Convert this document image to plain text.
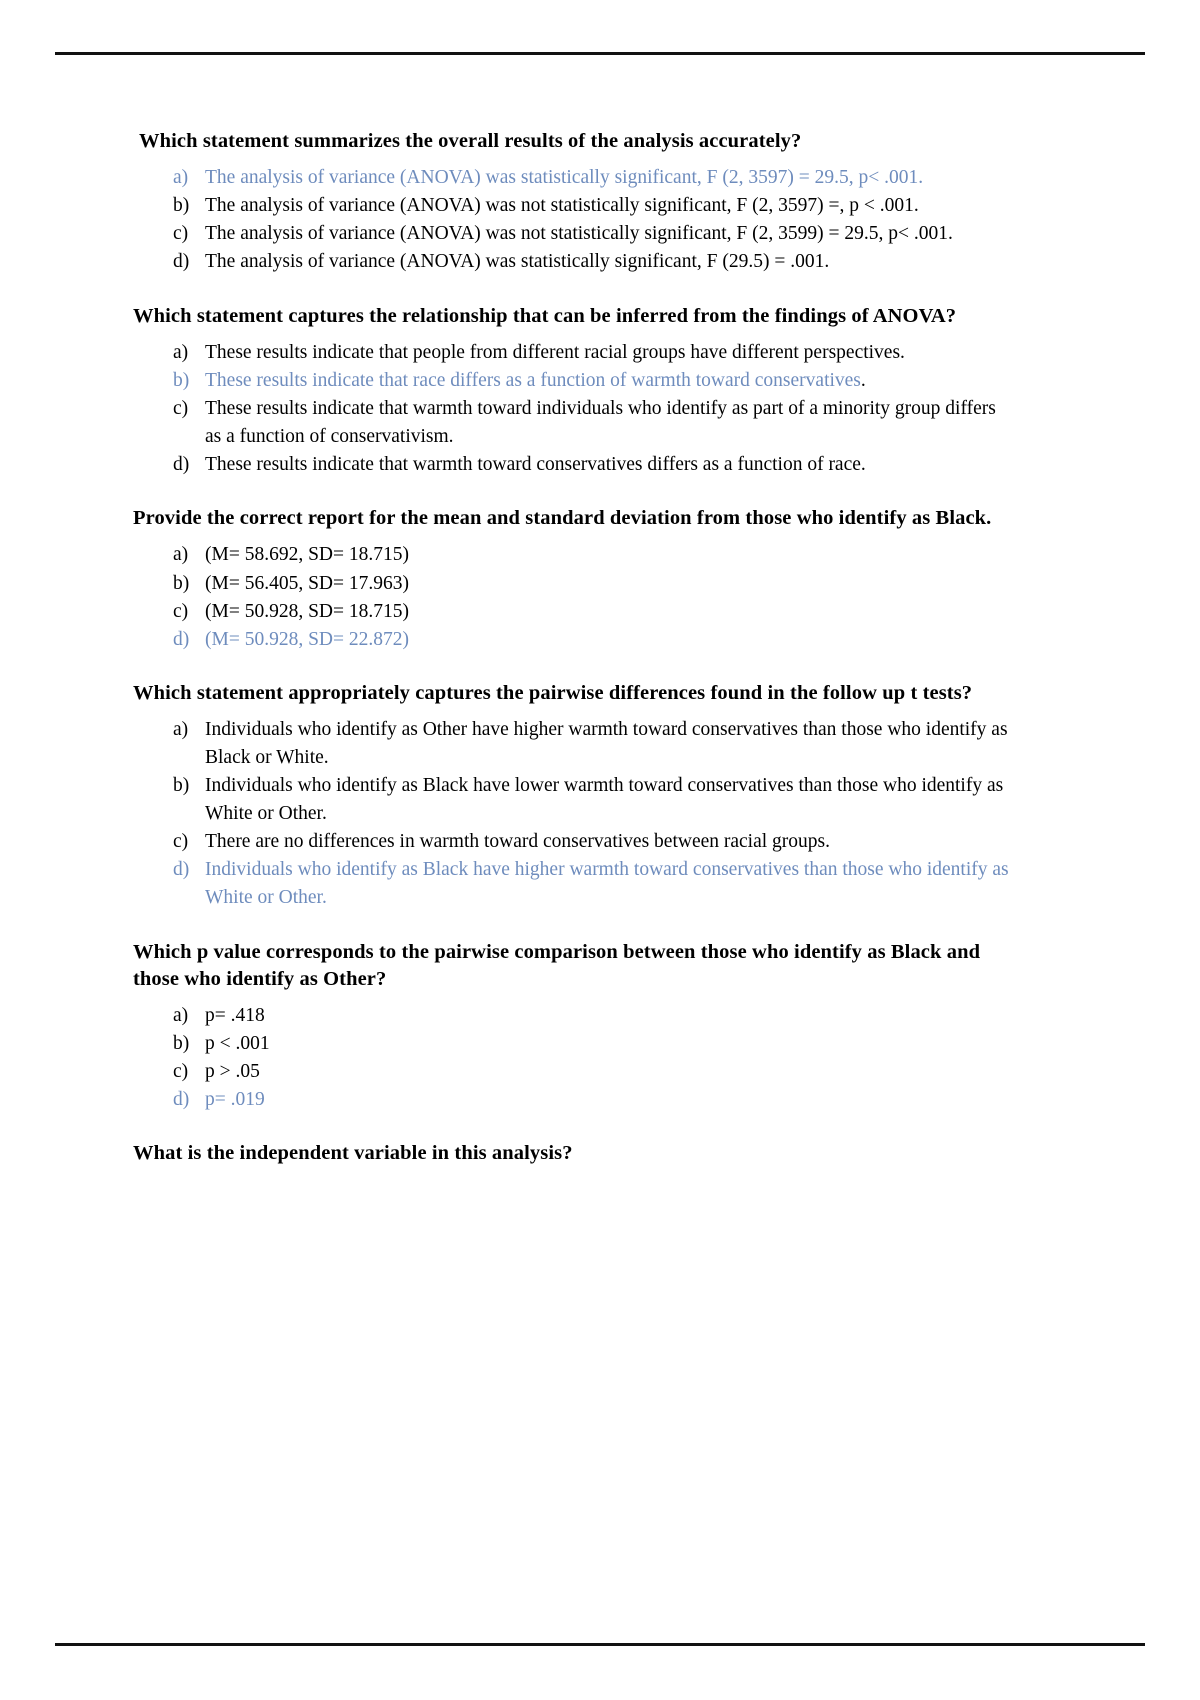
Which statement summarizes the overall results of the analysis accurately?

a) The analysis of variance (ANOVA) was statistically significant, F (2, 3597) = 29.5, p< .001.
b) The analysis of variance (ANOVA) was not statistically significant, F (2, 3597) =, p < .001.
c) The analysis of variance (ANOVA) was not statistically significant, F (2, 3599) = 29.5, p< .001.
d) The analysis of variance (ANOVA) was statistically significant, F (29.5) = .001.

Which statement captures the relationship that can be inferred from the findings of ANOVA?

a) These results indicate that people from different racial groups have different perspectives.
b) These results indicate that race differs as a function of warmth toward conservatives.
c) These results indicate that warmth toward individuals who identify as part of a minority group differs as a function of conservativism.
d) These results indicate that warmth toward conservatives differs as a function of race.

Provide the correct report for the mean and standard deviation from those who identify as Black.

a) (M= 58.692, SD= 18.715)
b) (M= 56.405, SD= 17.963)
c) (M= 50.928, SD= 18.715)
d) (M= 50.928, SD= 22.872)

Which statement appropriately captures the pairwise differences found in the follow up t tests?

a) Individuals who identify as Other have higher warmth toward conservatives than those who identify as Black or White.
b) Individuals who identify as Black have lower warmth toward conservatives than those who identify as White or Other.
c) There are no differences in warmth toward conservatives between racial groups.
d) Individuals who identify as Black have higher warmth toward conservatives than those who identify as White or Other.

Which p value corresponds to the pairwise comparison between those who identify as Black and those who identify as Other?

a) p= .418
b) p < .001
c) p > .05
d) p= .019

What is the independent variable in this analysis?
